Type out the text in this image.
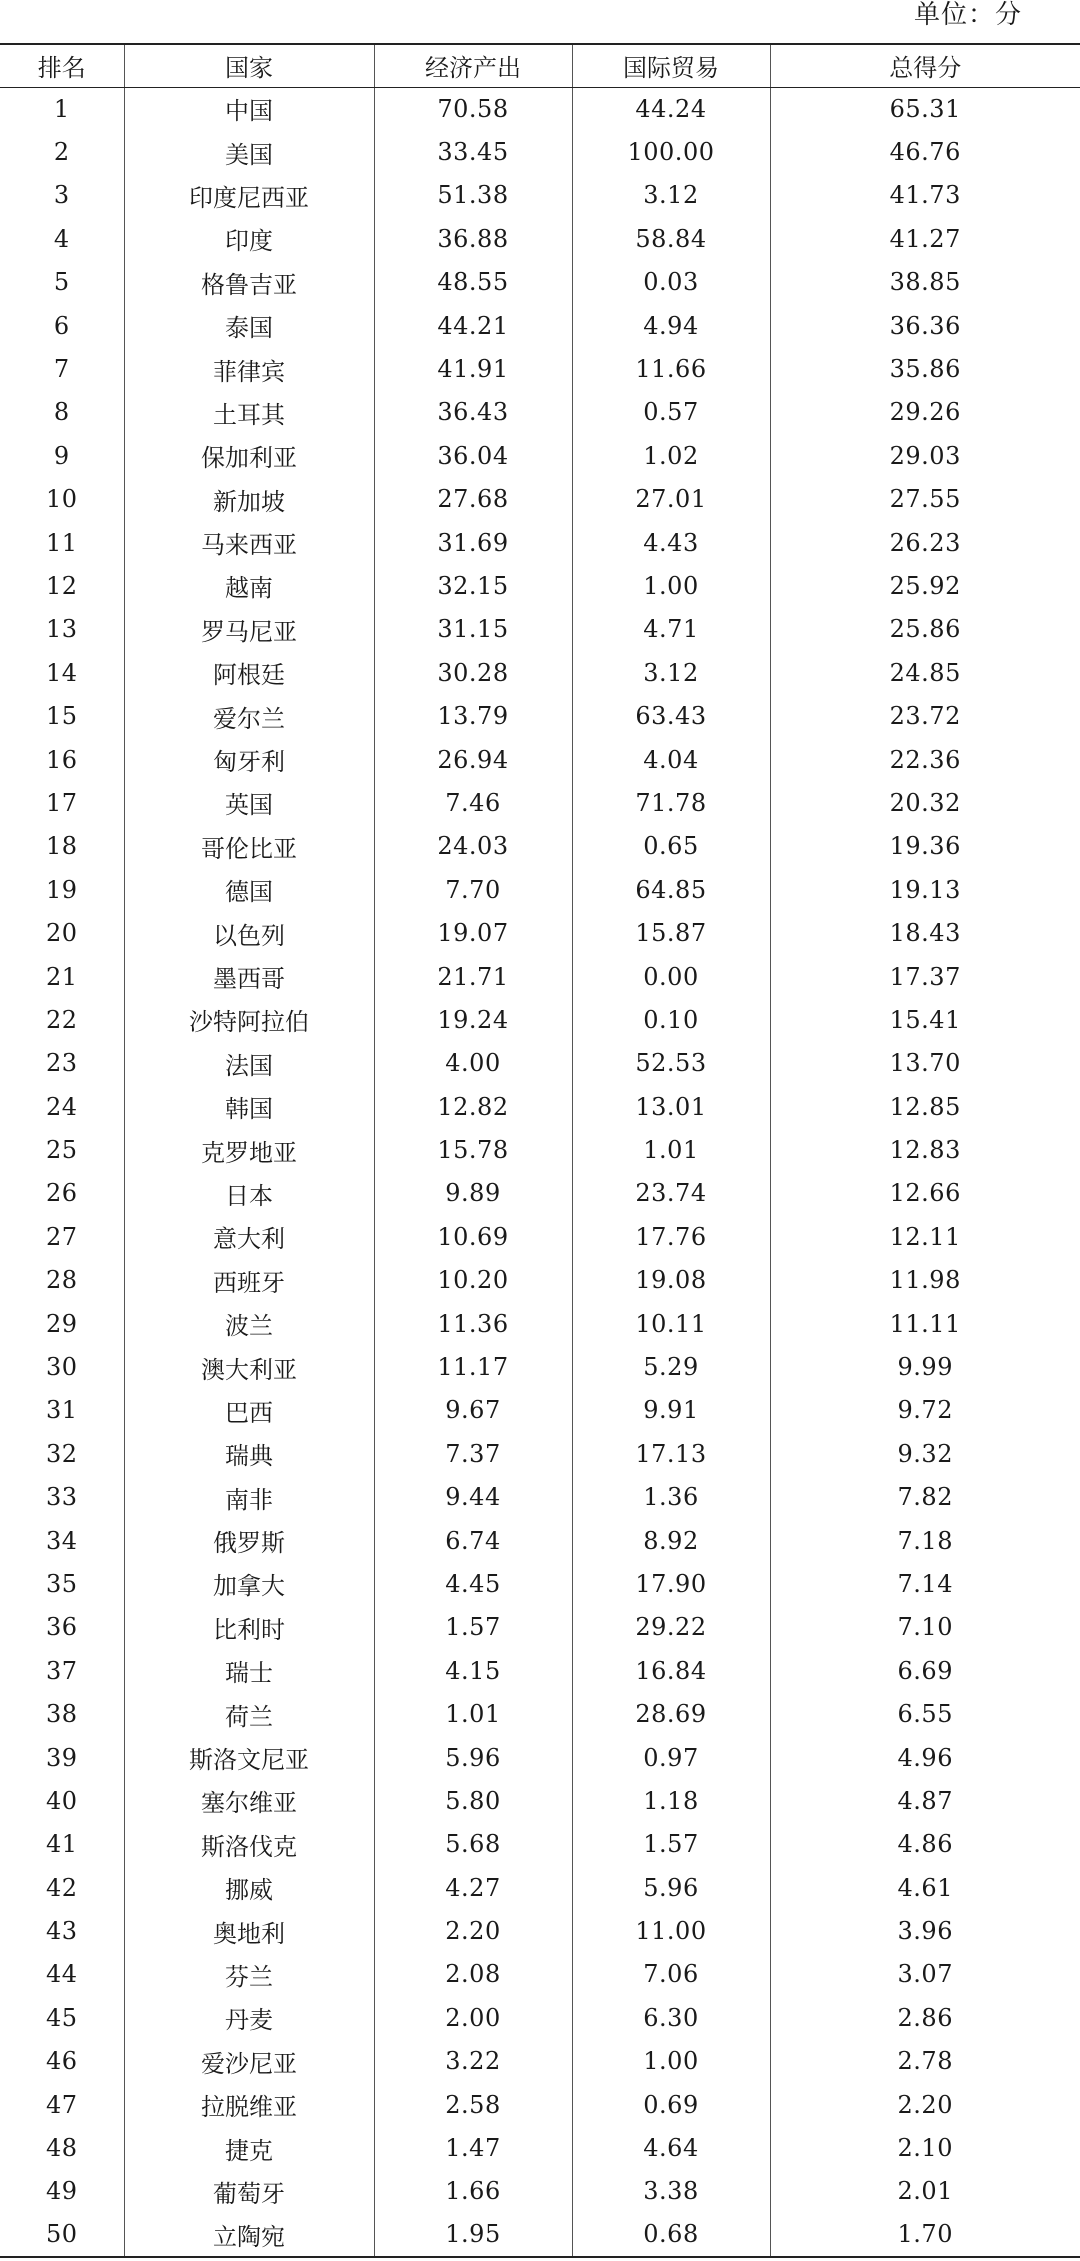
单位：分
排名	国家	经济产出	国际贸易	总得分
1	中国	70.58	44.24	65.31
2	美国	33.45	100.00	46.76
3	印度尼西亚	51.38	3.12	41.73
4	印度	36.88	58.84	41.27
5	格鲁吉亚	48.55	0.03	38.85
6	泰国	44.21	4.94	36.36
7	菲律宾	41.91	11.66	35.86
8	土耳其	36.43	0.57	29.26
9	保加利亚	36.04	1.02	29.03
10	新加坡	27.68	27.01	27.55
11	马来西亚	31.69	4.43	26.23
12	越南	32.15	1.00	25.92
13	罗马尼亚	31.15	4.71	25.86
14	阿根廷	30.28	3.12	24.85
15	爱尔兰	13.79	63.43	23.72
16	匈牙利	26.94	4.04	22.36
17	英国	7.46	71.78	20.32
18	哥伦比亚	24.03	0.65	19.36
19	德国	7.70	64.85	19.13
20	以色列	19.07	15.87	18.43
21	墨西哥	21.71	0.00	17.37
22	沙特阿拉伯	19.24	0.10	15.41
23	法国	4.00	52.53	13.70
24	韩国	12.82	13.01	12.85
25	克罗地亚	15.78	1.01	12.83
26	日本	9.89	23.74	12.66
27	意大利	10.69	17.76	12.11
28	西班牙	10.20	19.08	11.98
29	波兰	11.36	10.11	11.11
30	澳大利亚	11.17	5.29	9.99
31	巴西	9.67	9.91	9.72
32	瑞典	7.37	17.13	9.32
33	南非	9.44	1.36	7.82
34	俄罗斯	6.74	8.92	7.18
35	加拿大	4.45	17.90	7.14
36	比利时	1.57	29.22	7.10
37	瑞士	4.15	16.84	6.69
38	荷兰	1.01	28.69	6.55
39	斯洛文尼亚	5.96	0.97	4.96
40	塞尔维亚	5.80	1.18	4.87
41	斯洛伐克	5.68	1.57	4.86
42	挪威	4.27	5.96	4.61
43	奥地利	2.20	11.00	3.96
44	芬兰	2.08	7.06	3.07
45	丹麦	2.00	6.30	2.86
46	爱沙尼亚	3.22	1.00	2.78
47	拉脱维亚	2.58	0.69	2.20
48	捷克	1.47	4.64	2.10
49	葡萄牙	1.66	3.38	2.01
50	立陶宛	1.95	0.68	1.70
